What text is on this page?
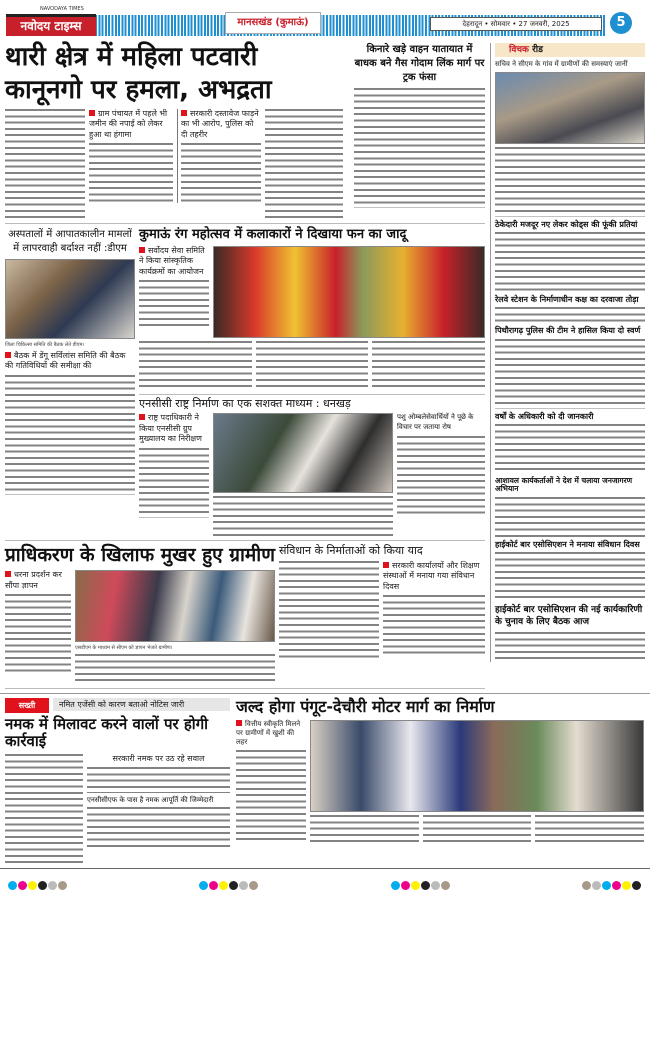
NAVODAYA TIMES
नवोदय टाइम्स	मानसखंड (कुमाऊं)	देहरादून • सोमवार • 27 जनवरी, 2025	5
थारी क्षेत्र में महिला पटवारी
कानूनगो पर हमला, अभद्रता
ग्राम पंचायत में पहले भी जमीन की नपाई को लेकर हुआ था हंगामा
सरकारी दस्तावेज फाड़ने का भी आरोप, पुलिस को दी तहरीर
किनारे खड़े वाहन यातायात में बाधक बने गैस गोदाम लिंक मार्ग पर ट्रक फंसा
अस्पतालों में आपातकालीन मामलों में लापरवाही बर्दाश्त नहीं :डीएम
जिला चिकित्सा समिति की बैठक लेते डीएम।
बैठक में डेंगू सर्विलांस समिति की बैठक की गतिविधियों की समीक्षा की
कुमाऊं रंग महोत्सव में कलाकारों ने दिखाया फन का जादू
सर्वोदय सेवा समिति ने किया सांस्कृतिक कार्यक्रमों का आयोजन
एनसीसी राष्ट्र निर्माण का एक सशक्त माध्यम : धनखड़
राष्ट्र पदाधिकारी ने किया एनसीसी ग्रुप मुख्यालय का निरीक्षण
पशु ओम्बलेसेवार्थियों ने पूछे के विचार पर जताया रोष
प्राधिकरण के खिलाफ मुखर हुए ग्रामीण
धरना प्रदर्शन कर सौंपा ज्ञापन
एसडीएम के माध्यम से सीएम को ज्ञापन भेजते ग्रामीण।
संविधान के निर्माताओं को किया याद
सरकारी कार्यालयों और शिक्षण संस्थाओं में मनाया गया संविधान दिवस
विचक रीड
सचिव ने सीएम के गांव में ग्रामीणों की समस्याएं जानीं
ठेकेदारी मजदूर नए लेकर कोड्स की फूंकी प्रतियां
रेलवे स्टेशन के निर्माणाधीन कक्ष का दरवाजा तोड़ा
पिथौरागढ़ पुलिस की टीम ने हासिल किया दो स्वर्ण
वर्षों के अधिकारी को दी जानकारी
आशावल कार्यकर्ताओं ने देश में चलाया जनजागरण अभियान
हाईकोर्ट बार एसोसिएशन ने मनाया संविधान दिवस
हाईकोर्ट बार एसोसिएशन की नई कार्यकारिणी के चुनाव के लिए बैठक आज
सख्ती	नमित एजेंसी को कारण बताओ नोटिस जारी
नमक में मिलावट करने वालों पर होगी कार्रवाई
सरकारी नमक पर उठ रहे सवाल
एनसीसीएफ के पास है नमक आपूर्ति की जिम्मेदारी
जल्द होगा पंगूट-देचौरी मोटर मार्ग का निर्माण
वित्तीय स्वीकृति मिलने पर ग्रामीणों में खुशी की लहर
